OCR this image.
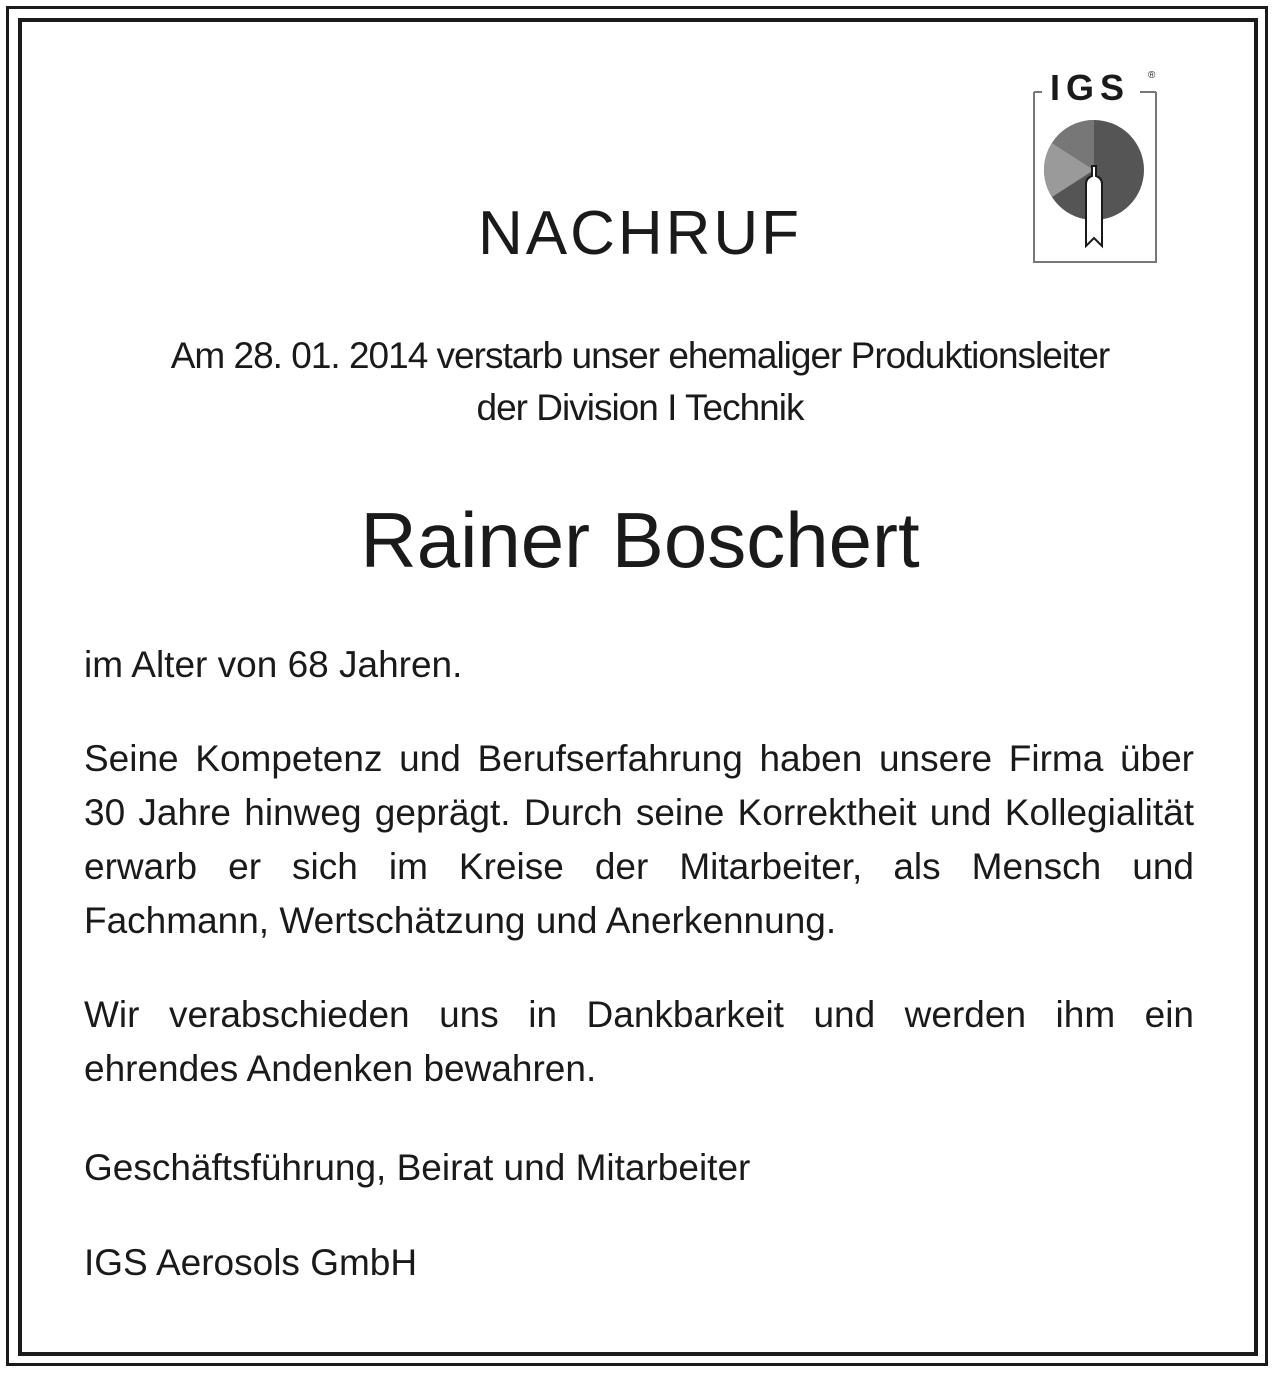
IGS ®
NACHRUF

Am 28. 01. 2014 verstarb unser ehemaliger Produktionsleiter
der Division I Technik

Rainer Boschert

im Alter von 68 Jahren.

Seine Kompetenz und Berufserfahrung haben unsere Firma über 30 Jahre hinweg geprägt. Durch seine Korrektheit und Kollegialität erwarb er sich im Kreise der Mitarbeiter, als Mensch und Fachmann, Wertschätzung und Anerkennung.

Wir verabschieden uns in Dankbarkeit und werden ihm ein ehrendes Andenken bewahren.

Geschäftsführung, Beirat und Mitarbeiter

IGS Aerosols GmbH
